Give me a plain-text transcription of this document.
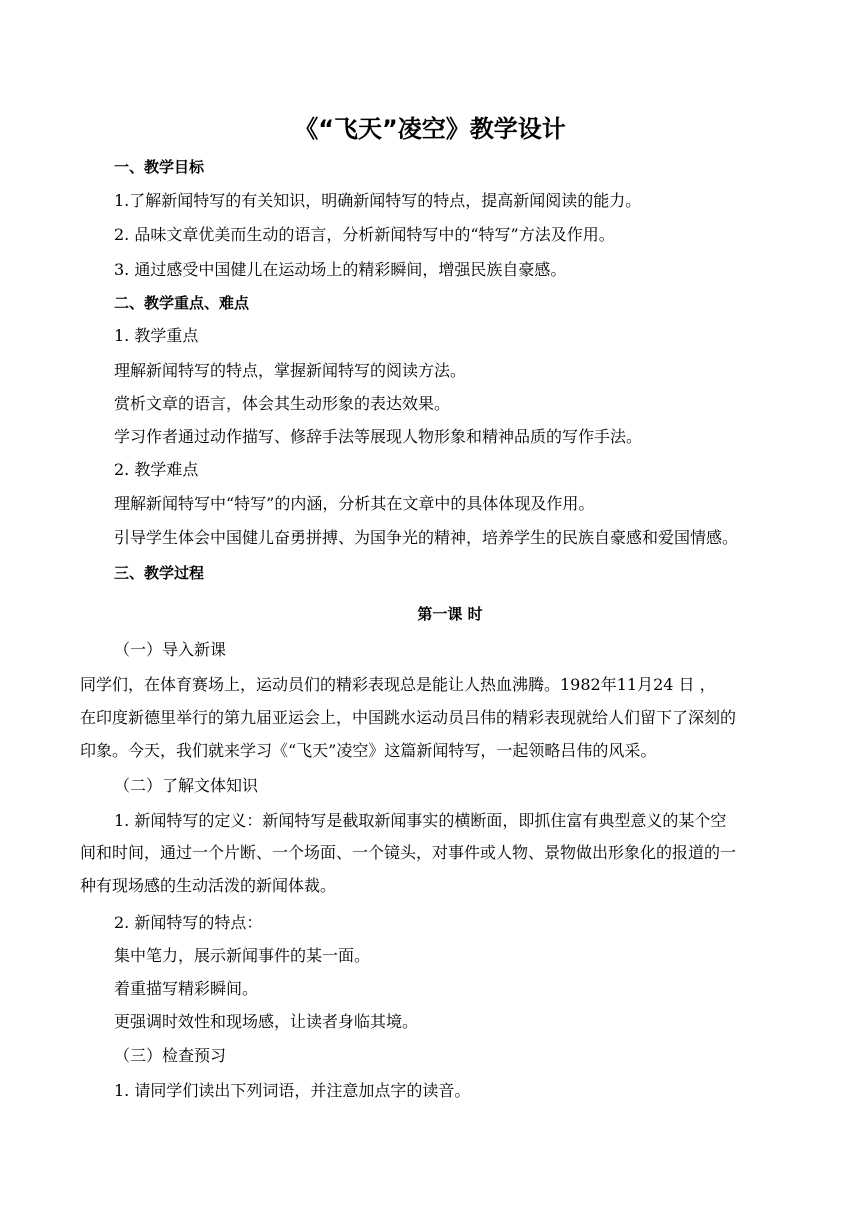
《“飞天”凌空》教学设计
一、教学目标
1.了解新闻特写的有关知识，明确新闻特写的特点，提高新闻阅读的能力。
2. 品味文章优美而生动的语言，分析新闻特写中的“特写”方法及作用。
3. 通过感受中国健儿在运动场上的精彩瞬间，增强民族自豪感。
二、教学重点、难点
1. 教学重点
理解新闻特写的特点，掌握新闻特写的阅读方法。
赏析文章的语言，体会其生动形象的表达效果。
学习作者通过动作描写、修辞手法等展现人物形象和精神品质的写作手法。
2. 教学难点
理解新闻特写中“特写”的内涵，分析其在文章中的具体体现及作用。
引导学生体会中国健儿奋勇拼搏、为国争光的精神，培养学生的民族自豪感和爱国情感。
三、教学过程
第一课 时
（一）导入新课
同学们，在体育赛场上，运动员们的精彩表现总是能让人热血沸腾。1982年11月24 日 ，
在印度新德里举行的第九届亚运会上，中国跳水运动员吕伟的精彩表现就给人们留下了深刻的
印象。今天，我们就来学习《“飞天”凌空》这篇新闻特写，一起领略吕伟的风采。
（二）了解文体知识
1. 新闻特写的定义：新闻特写是截取新闻事实的横断面，即抓住富有典型意义的某个空
间和时间，通过一个片断、一个场面、一个镜头，对事件或人物、景物做出形象化的报道的一
种有现场感的生动活泼的新闻体裁。
2. 新闻特写的特点：
集中笔力，展示新闻事件的某一面。
着重描写精彩瞬间。
更强调时效性和现场感，让读者身临其境。
（三）检查预习
1. 请同学们读出下列词语，并注意加点字的读音。
